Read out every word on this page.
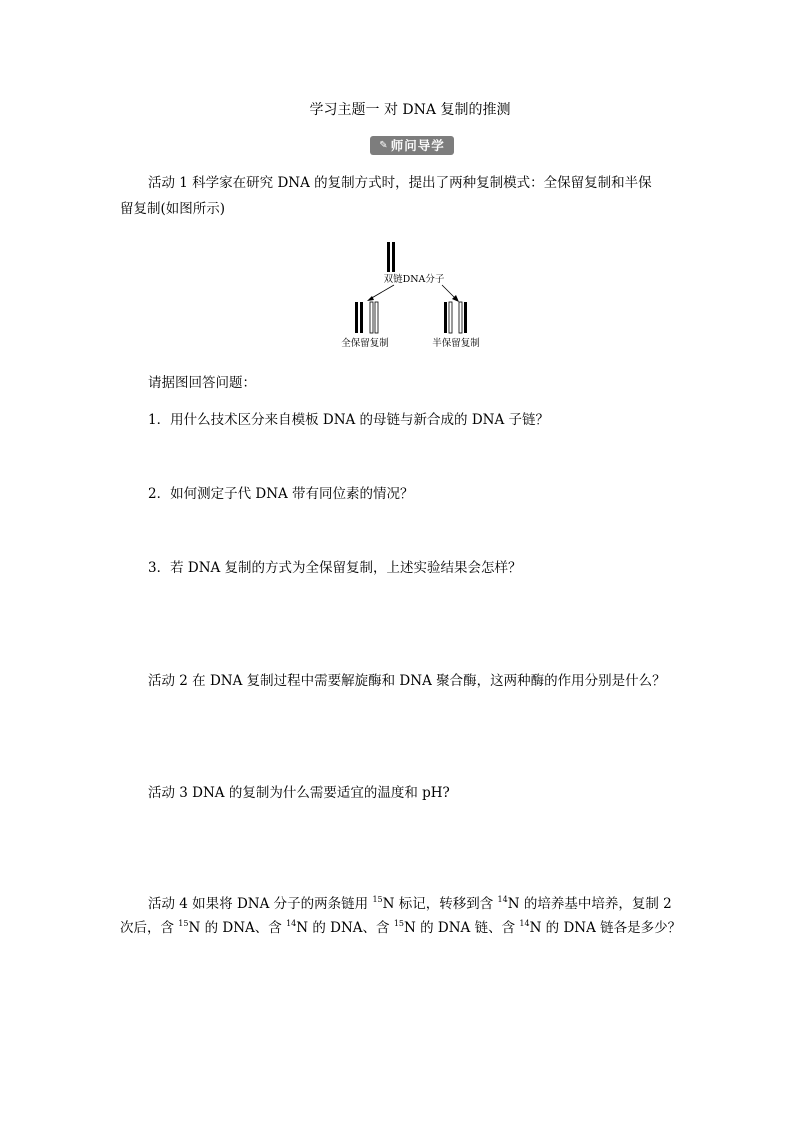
学习主题一 对 DNA 复制的推测
✎ 师问导学

活动 1 科学家在研究 DNA 的复制方式时，提出了两种复制模式：全保留复制和半保

留复制(如图所示)

双链DNA分子
全保留复制	半保留复制

请据图回答问题：

1．用什么技术区分来自模板 DNA 的母链与新合成的 DNA 子链？

2．如何测定子代 DNA 带有同位素的情况？

3．若 DNA 复制的方式为全保留复制，上述实验结果会怎样？

活动 2 在 DNA 复制过程中需要解旋酶和 DNA 聚合酶，这两种酶的作用分别是什么？

活动 3 DNA 的复制为什么需要适宜的温度和 pH?

活动 4 如果将 DNA 分子的两条链用 $^{15}$N 标记，转移到含 $^{14}$N 的培养基中培养，复制 2

次后，含 $^{15}$N 的 DNA、含 $^{14}$N 的 DNA、含 $^{15}$N 的 DNA 链、含 $^{14}$N 的 DNA 链各是多少？
